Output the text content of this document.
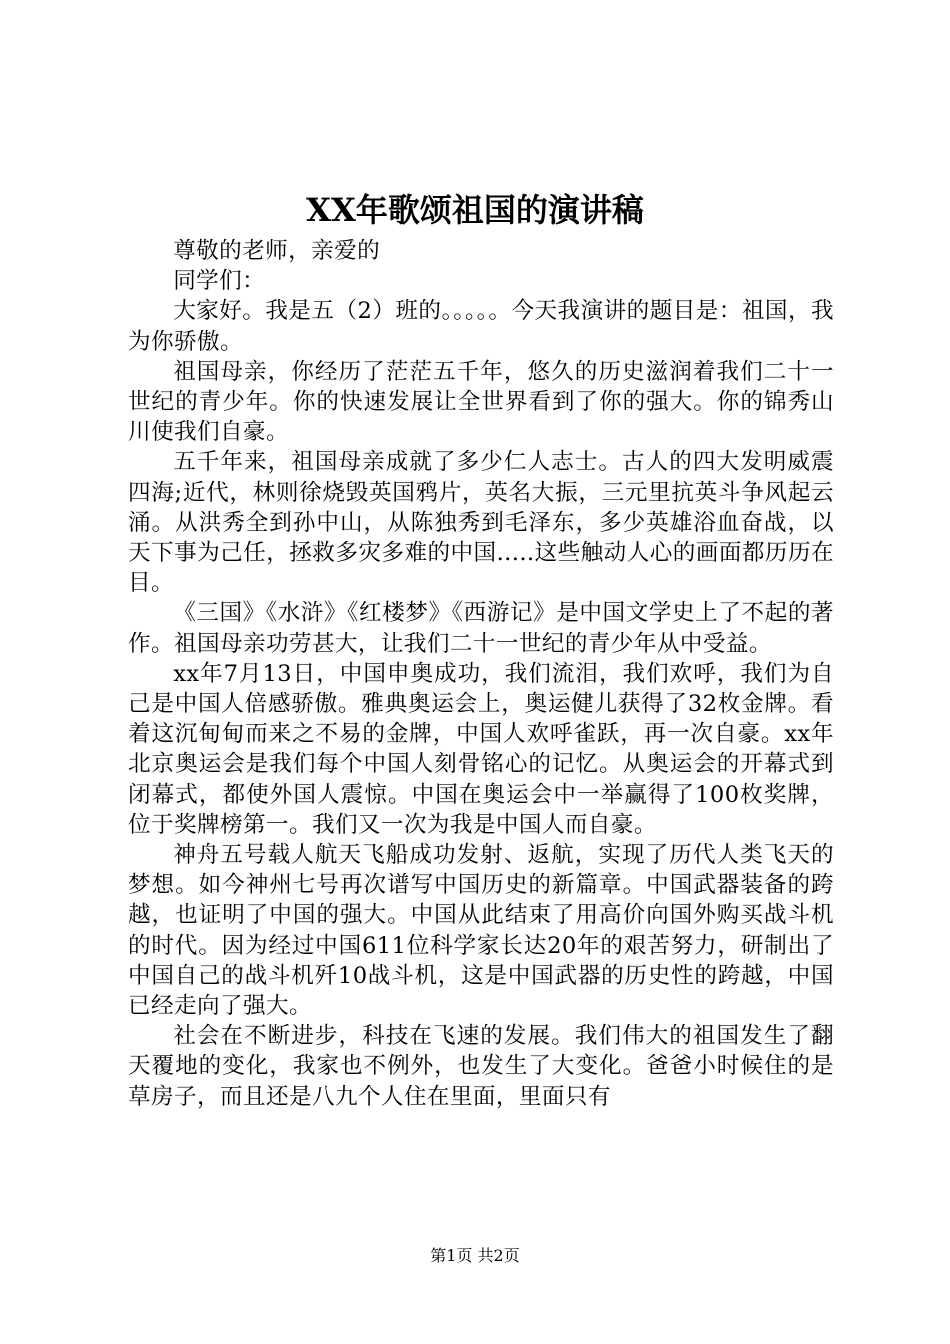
XX年歌颂祖国的演讲稿

尊敬的老师，亲爱的

同学们：

大家好。我是五（2）班的。。。。。今天我演讲的题目是：祖国，我为你骄傲。

祖国母亲，你经历了茫茫五千年，悠久的历史滋润着我们二十一世纪的青少年。你的快速发展让全世界看到了你的强大。你的锦秀山川使我们自豪。

五千年来，祖国母亲成就了多少仁人志士。古人的四大发明威震四海;近代，林则徐烧毁英国鸦片，英名大振，三元里抗英斗争风起云涌。从洪秀全到孙中山，从陈独秀到毛泽东，多少英雄浴血奋战，以天下事为己任，拯救多灾多难的中国.....这些触动人心的画面都历历在目。

《三国》《水浒》《红楼梦》《西游记》是中国文学史上了不起的著作。祖国母亲功劳甚大，让我们二十一世纪的青少年从中受益。

xx年7月13日，中国申奥成功，我们流泪，我们欢呼，我们为自己是中国人倍感骄傲。雅典奥运会上，奥运健儿获得了32枚金牌。看着这沉甸甸而来之不易的金牌，中国人欢呼雀跃，再一次自豪。xx年北京奥运会是我们每个中国人刻骨铭心的记忆。从奥运会的开幕式到闭幕式，都使外国人震惊。中国在奥运会中一举赢得了100枚奖牌，位于奖牌榜第一。我们又一次为我是中国人而自豪。

神舟五号载人航天飞船成功发射、返航，实现了历代人类飞天的梦想。如今神州七号再次谱写中国历史的新篇章。中国武器装备的跨越，也证明了中国的强大。中国从此结束了用高价向国外购买战斗机的时代。因为经过中国611位科学家长达20年的艰苦努力，研制出了中国自己的战斗机歼10战斗机，这是中国武器的历史性的跨越，中国已经走向了强大。

社会在不断进步，科技在飞速的发展。我们伟大的祖国发生了翻天覆地的变化，我家也不例外，也发生了大变化。爸爸小时候住的是草房子，而且还是八九个人住在里面，里面只有

第1页 共2页
